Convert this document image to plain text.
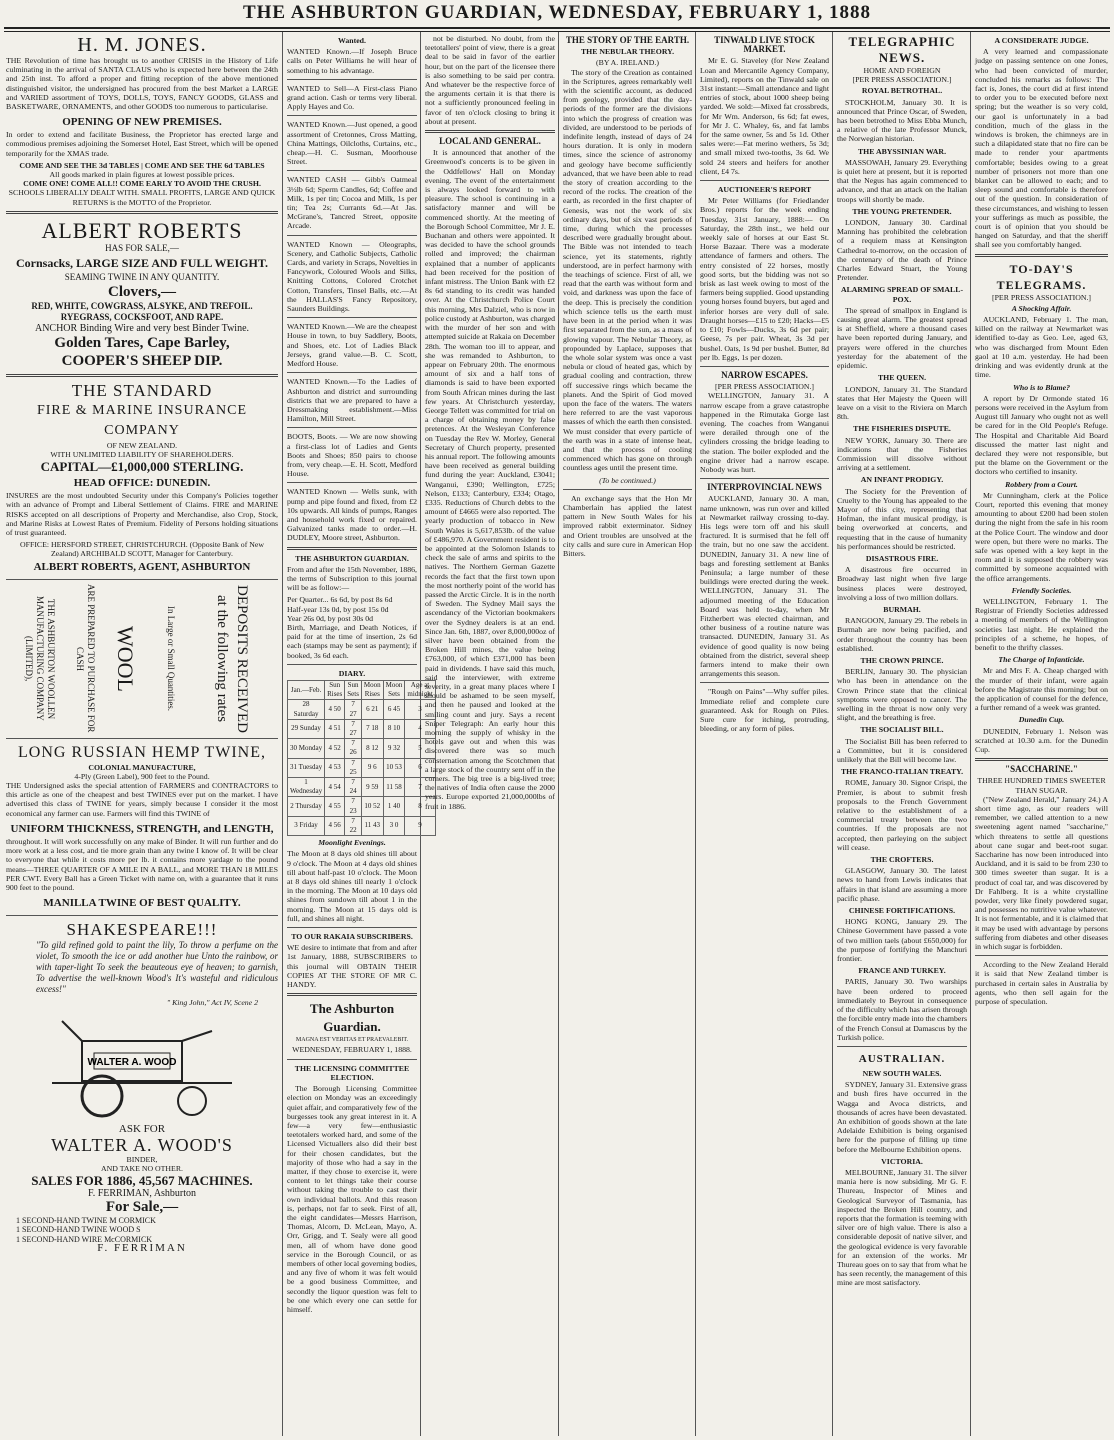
THE ASHBURTON GUARDIAN, WEDNESDAY, FEBRUARY 1, 1888
H. M. JONES.

THE Revolution of time has brought us to another CRISIS in the History of Life culminating in the arrival of SANTA CLAUS who is expected here between the 24th and 25th inst. To afford a proper and fitting reception of the above mentioned distinguished visitor, the undersigned has procured from the best Market a LARGE and VARIED assortment of TOYS, DOLLS, TOYS, FANCY GOODS, GLASS and BASKETWARE, ORNAMENTS, and other GOODS too numerous to particularise.

OPENING OF NEW PREMISES.

In order to extend and facilitate Business, the Proprietor has erected large and commodious premises adjoining the Somerset Hotel, East Street, which will be opened temporarily for the XMAS trade.

COME AND SEE THE 3d TABLES | COME AND SEE THE 6d TABLES
All goods marked in plain figures at lowest possible prices.
COME ONE! COME ALL!! COME EARLY TO AVOID THE CRUSH.
SCHOOLS LIBERALLY DEALT WITH. SMALL PROFITS, LARGE AND QUICK RETURNS is the MOTTO of the Proprietor.
ALBERT ROBERTS
HAS FOR SALE,—
Cornsacks, LARGE SIZE AND FULL WEIGHT.
SEAMING TWINE IN ANY QUANTITY.
Clovers,—
RED, WHITE, COWGRASS, ALSYKE, AND TREFOIL. RYEGRASS, COCKSFOOT, AND RAPE.
ANCHOR Binding Wire and very best Binder Twine.
Golden Tares, Cape Barley,
COOPER'S SHEEP DIP.
THE STANDARD
FIRE & MARINE INSURANCE COMPANY
OF NEW ZEALAND.
WITH UNLIMITED LIABILITY OF SHAREHOLDERS.
CAPITAL—£1,000,000 STERLING.
HEAD OFFICE: DUNEDIN.

INSURES are the most undoubted Security under this Company's Policies together with an advance of Prompt and Liberal Settlement of Claims. FIRE and MARINE RISKS accepted on all descriptions of Property and Merchandise, also Crop, Stock, and Marine Risks at Lowest Rates of Premium. Fidelity of Persons holding situations of trust guaranteed.

OFFICE: HERSFORD STREET, CHRISTCHURCH. (Opposite Bank of New Zealand) ARCHIBALD SCOTT, Manager for Canterbury.
ALBERT ROBERTS, AGENT, ASHBURTON
THE ASHBURTON WOOLLEN MANUFACTURING COMPANY (LIMITED),	ARE PREPARED TO PURCHASE FOR CASH	WOOL	In Large or Small Quantities.	DEPOSITS RECEIVED at the following rates
LONG RUSSIAN HEMP TWINE,
COLONIAL MANUFACTURE,
4-Ply (Green Label), 900 feet to the Pound.

THE Undersigned asks the special attention of FARMERS and CONTRACTORS to this article as one of the cheapest and best TWINES ever put on the market. I have advertised this class of TWINE for years, simply because I consider it the most economical any farmer can use. Farmers will find this TWINE of

UNIFORM THICKNESS, STRENGTH, and LENGTH,

throughout. It will work successfully on any make of Binder. It will run further and do more work at a less cost, and tie more grain than any twine I know of. It will be clear to everyone that while it costs more per lb. it contains more yardage to the pound means—THREE QUARTER OF A MILE IN A BALL, and MORE THAN 18 MILES PER CWT. Every Ball has a Green Ticket with name on, with a guarantee that it runs 900 feet to the pound.

MANILLA TWINE OF BEST QUALITY.
SHAKESPEARE!!!

"To gild refined gold to paint the lily, To throw a perfume on the violet, To smooth the ice or add another hue Unto the rainbow, or with taper-light To seek the beauteous eye of heaven; to garnish, To advertise the well-known Wood's It's wasteful and ridiculous excess!"

" King John," Act IV, Scene 2
WALTER A. WOOD
ASK FOR
WALTER A. WOOD'S
BINDER,
AND TAKE NO OTHER.
SALES FOR 1886, 45,567 MACHINES.
F. FERRIMAN, Ashburton
For Sale,—
1 SECOND-HAND TWINE M CORMICK
1 SECOND-HAND TWINE WOOD S
1 SECOND-HAND WIRE McCORMICK
F. FERRIMAN
Wanted.

WANTED Known.—If Joseph Bruce calls on Peter Williams he will hear of something to his advantage.

WANTED to Sell—A First-class Piano grand action. Cash or terms very liberal. Apply Hayes and Co.

WANTED Known.—Just opened, a good assortment of Cretonnes, Cross Matting, China Mattings, Oilcloths, Curtains, etc., cheap.—H. C. Susman, Moorhouse Street.

WANTED CASH — Gibb's Oatmeal 3½lb 6d; Sperm Candles, 6d; Coffee and Milk, 1s per tin; Cocoa and Milk, 1s per tin; Tea 2s; Currants 6d.—At Jas. McGrane's, Tancred Street, opposite Arcade.

WANTED Known — Oleographs, Scenery, and Catholic Subjects, Catholic Cards, and variety in Scraps, Novelties in Fancywork, Coloured Wools and Silks, Knitting Cottons, Colored Crotchet Cotton, Transfers, Tinsel Balls, etc.—At the HALLAS'S Fancy Repository, Saunders Buildings.

WANTED Known.—We are the cheapest House in town, to buy Saddlery, Boots, and Shoes, etc. Lot of Ladies Black Jerseys, grand value.—B. C. Scott, Medford House.

WANTED Known.—To the Ladies of Ashburton and district and surrounding districts that we are prepared to have a Dressmaking establishment.—Miss Hamilton, Mill Street.

BOOTS, Boots. — We are now showing a first-class lot of Ladies and Gents Boots and Shoes; 850 pairs to choose from, very cheap.—E. H. Scott, Medford House.

WANTED Known — Wells sunk, with pump and pipe found and fixed, from £2 10s upwards. All kinds of pumps, Ranges and household work fixed or repaired. Galvanized tanks made to order.—H. DUDLEY, Moore street, Ashburton.

THE ASHBURTON GUARDIAN.

From and after the 15th November, 1886, the terms of Subscription to this journal will be as follow:—

Per Quarter... 6s 6d, by post 8s 6d
Half-year 13s 0d, by post 15s 0d
Year 26s 0d, by post 30s 0d

Birth, Marriage, and Death Notices, if paid for at the time of insertion, 2s 6d each (stamps may be sent as payment); if booked, 3s 6d each.

DIARY.
Jan.—Feb.	Sun Rises	Sun Sets	Moon Rises	Moon Sets	Age at midnight
28 Saturday	4 50	7 27	6 21	6 45	3
29 Sunday	4 51	7 27	7 18	8 10	4
30 Monday	4 52	7 26	8 12	9 32	5
31 Tuesday	4 53	7 25	9 6	10 53	6
1 Wednesday	4 54	7 24	9 59	11 58	7
2 Thursday	4 55	7 23	10 52	1 40	8
3 Friday	4 56	7 22	11 43	3 0	9
Moonlight Evenings.

The Moon at 8 days old shines till about 9 o'clock. The Moon at 4 days old shines till about half-past 10 o'clock. The Moon at 8 days old shines till nearly 1 o'clock in the morning. The Moon at 10 days old shines from sundown till about 1 in the morning. The Moon at 15 days old is full, and shines all night.

TO OUR RAKAIA SUBSCRIBERS.

WE desire to intimate that from and after 1st January, 1888, SUBSCRIBERS to this journal will OBTAIN THEIR COPIES AT THE STORE OF MR C. HANDY.

The Ashburton Guardian.
MAGNA EST VERITAS ET PRAEVALEBIT.
WEDNESDAY, FEBRUARY 1, 1888.
THE LICENSING COMMITTEE ELECTION.

The Borough Licensing Committee election on Monday was an exceedingly quiet affair, and comparatively few of the burgesses took any great interest in it. A few—a very few—enthusiastic teetotalers worked hard, and some of the Licensed Victuallers also did their best for their chosen candidates, but the majority of those who had a say in the matter, if they chose to exercise it, were content to let things take their course without taking the trouble to cast their own individual ballots. And this reason is, perhaps, not far to seek. First of all, the eight candidates—Messrs Harrison, Thomas, Alcorn, D. McLean, Mayo, A. Orr, Grigg, and T. Sealy were all good men, all of whom have done good service in the Borough Council, or as members of other local governing bodies, and any five of whom it was felt would be a good business Committee, and secondly the liquor question was felt to be one which every one can settle for himself.

not be disturbed. No doubt, from the teetotallers' point of view, there is a great deal to be said in favor of the earlier hour, but on the part of the licensee there is also something to be said per contra. And whatever be the respective force of the arguments certain it is that there is not a sufficiently pronounced feeling in favor of ten o'clock closing to bring it about at present.

LOCAL AND GENERAL.

It is announced that another of the Greenwood's concerts is to be given in the Oddfellows' Hall on Monday evening. The event of the entertainment is always looked forward to with pleasure. The school is continuing in a satisfactory manner and will be commenced shortly. At the meeting of the Borough School Committee, Mr J. E. Buchanan and others were appointed. It was decided to have the school grounds rolled and improved; the chairman explained that a number of applicants had been received for the position of infant mistress. The Union Bank with £2 8s 6d standing to its credit was handed over. At the Christchurch Police Court this morning, Mrs Dalziel, who is now in police custody at Ashburton, was charged with the murder of her son and with attempted suicide at Rakaia on December 28th. The woman too ill to appear, and she was remanded to Ashburton, to appear on February 20th. The enormous amount of six and a half tons of diamonds is said to have been exported from South African mines during the last few years. At Christchurch yesterday, George Tellett was committed for trial on a charge of obtaining money by false pretences. At the Wesleyan Conference on Tuesday the Rev W. Morley, General Secretary of Church property, presented his annual report. The following amounts have been received as general building fund during the year: Auckland, £3041; Wanganui, £390; Wellington, £725; Nelson, £133; Canterbury, £334; Otago, £335. Reductions of Church debts to the amount of £4665 were also reported. The yearly production of tobacco in New South Wales is 5,617,853lb. of the value of £486,970. A Government resident is to be appointed at the Solomon Islands to check the sale of arms and spirits to the natives. The Northern German Gazette records the fact that the first town upon the most northerly point of the world has passed the Arctic Circle. It is in the north of Sweden. The Sydney Mail says the ascendancy of the Victorian bookmakers over the Sydney dealers is at an end. Since Jan. 6th, 1887, over 8,000,000oz of silver have been obtained from the Broken Hill mines, the value being £763,000, of which £371,000 has been paid in dividends. I have said this much, said the interviewer, with extreme severity, in a great many places where I should be ashamed to be seen myself, and then he paused and looked at the smiling count and jury. Says a recent Sniper Telegraph: An early hour this morning the supply of whisky in the hotels gave out and when this was discovered there was so much consternation among the Scotchmen that a large stock of the country sent off in the corners. The big tree is a big-lived tree; the natives of India often cause the 2000 years. Europe exported 21,000,000lbs of fruit in 1886.

THE STORY OF THE EARTH.
THE NEBULAR THEORY.
(BY A. IRELAND.)

The story of the Creation as contained in the Scriptures, agrees remarkably well with the scientific account, as deduced from geology, provided that the day-periods of the former are the divisions into which the progress of creation was divided, are understood to be periods of indefinite length, instead of days of 24 hours duration. It is only in modern times, since the science of astronomy and geology have become sufficiently advanced, that we have been able to read the story of creation according to the record of the rocks. The creation of the earth, as recorded in the first chapter of Genesis, was not the work of six ordinary days, but of six vast periods of time, during which the processes described were gradually brought about. The Bible was not intended to teach science, yet its statements, rightly understood, are in perfect harmony with the teachings of science. First of all, we read that the earth was without form and void, and darkness was upon the face of the deep. This is precisely the condition which science tells us the earth must have been in at the period when it was first separated from the sun, as a mass of glowing vapour. The Nebular Theory, as propounded by Laplace, supposes that the whole solar system was once a vast nebula or cloud of heated gas, which by gradual cooling and contraction, threw off successive rings which became the planets. And the Spirit of God moved upon the face of the waters. The waters here referred to are the vast vaporous masses of which the earth then consisted. We must consider that every particle of the earth was in a state of intense heat, and that the process of cooling commenced which has gone on through countless ages until the present time.

(To be continued.)

An exchange says that the Hon Mr Chamberlain has applied the latest pattern in New South Wales for his improved rabbit exterminator. Sidney and Orient troubles are unsolved at the city calls and sure cure in American Hop Bitters.

TINWALD LIVE STOCK MARKET.

Mr E. G. Staveley (for New Zealand Loan and Mercantile Agency Company, Limited), reports on the Tinwald sale on 31st instant:—Small attendance and light entries of stock, about 1000 sheep being yarded. We sold:—Mixed fat crossbreds, for Mr Wm. Anderson, 6s 6d; fat ewes, for Mr J. C. Whaley, 6s, and fat lambs for the same owner, 5s and 5s 1d. Other sales were:—Fat merino wethers, 5s 3d; and small mixed two-tooths, 3s 6d. We sold 24 steers and heifers for another client, £4 7s.

AUCTIONEER'S REPORT

Mr Peter Williams (for Friedlander Bros.) reports for the week ending Tuesday, 31st January, 1888:— On Saturday, the 28th inst., we held our weekly sale of horses at our East St. Horse Bazaar. There was a moderate attendance of farmers and others. The entry consisted of 22 horses, mostly good sorts, but the bidding was not so brisk as last week owing to most of the farmers being supplied. Good upstanding young horses found buyers, but aged and inferior horses are very dull of sale. Draught horses—£15 to £20; Hacks—£5 to £10; Fowls—Ducks, 3s 6d per pair; Geese, 7s per pair. Wheat, 3s 3d per bushel. Oats, 1s 9d per bushel. Butter, 8d per lb. Eggs, 1s per dozen.

NARROW ESCAPES.
[PER PRESS ASSOCIATION.]

WELLINGTON, January 31. A narrow escape from a grave catastrophe happened in the Rimutaka Gorge last evening. The coaches from Wanganui were derailed through one of the cylinders crossing the bridge leading to the station. The boiler exploded and the engine driver had a narrow escape. Nobody was hurt.

INTERPROVINCIAL NEWS

AUCKLAND, January 30. A man, name unknown, was run over and killed at Newmarket railway crossing to-day. His legs were torn off and his skull fractured. It is surmised that he fell off the train, but no one saw the accident. DUNEDIN, January 31. A new line of bags and foresting settlement at Banks Peninsula; a large number of these buildings were erected during the week. WELLINGTON, January 31. The adjourned meeting of the Education Board was held to-day, when Mr Fitzherbert was elected chairman, and other business of a routine nature was transacted. DUNEDIN, January 31. As evidence of good quality is now being obtained from the district, several sheep farmers intend to make their own arrangements this season.

"Rough on Pains"—Why suffer piles. Immediate relief and complete cure guaranteed. Ask for Rough on Piles. Sure cure for itching, protruding, bleeding, or any form of piles.

TELEGRAPHIC NEWS.
HOME AND FOREIGN
[PER PRESS ASSOCIATION.]
ROYAL BETROTHAL.

STOCKHOLM, January 30. It is announced that Prince Oscar, of Sweden, has been betrothed to Miss Ebba Munch, a relative of the late Professor Munck, the Norwegian historian.

THE ABYSSINIAN WAR.

MASSOWAH, January 29. Everything is quiet here at present, but it is reported that the Negus has again commenced to advance, and that an attack on the Italian troops will shortly be made.

THE YOUNG PRETENDER.

LONDON, January 30. Cardinal Manning has prohibited the celebration of a requiem mass at Kensington Cathedral to-morrow, on the occasion of the centenary of the death of Prince Charles Edward Stuart, the Young Pretender.

ALARMING SPREAD OF SMALL-POX.

The spread of smallpox in England is causing great alarm. The greatest spread is at Sheffield, where a thousand cases have been reported during January, and prayers were offered in the churches yesterday for the abatement of the epidemic.

THE QUEEN.

LONDON, January 31. The Standard states that Her Majesty the Queen will leave on a visit to the Riviera on March 8th.

THE FISHERIES DISPUTE.

NEW YORK, January 30. There are indications that the Fisheries Commission will dissolve without arriving at a settlement.

AN INFANT PRODIGY.

The Society for the Prevention of Cruelty to the Young has appealed to the Mayor of this city, representing that Hofman, the infant musical prodigy, is being overworked at concerts, and requesting that in the cause of humanity his performances should be restricted.

DISASTROUS FIRE.

A disastrous fire occurred in Broadway last night when five large business places were destroyed, involving a loss of two million dollars.

BURMAH.

RANGOON, January 29. The rebels in Burmah are now being pacified, and order throughout the country has been established.

THE CROWN PRINCE.

BERLIN, January 30. The physician who has been in attendance on the Crown Prince state that the clinical symptoms were opposed to cancer. The swelling in the throat is now only very slight, and the breathing is free.

THE SOCIALIST BILL.

The Socialist Bill has been referred to a Committee, but it is considered unlikely that the Bill will become law.

THE FRANCO-ITALIAN TREATY.

ROME, January 30. Signor Crispi, the Premier, is about to submit fresh proposals to the French Government relative to the establishment of a commercial treaty between the two countries. If the proposals are not accepted, then parleying on the subject will cease.

THE CROFTERS.

GLASGOW, January 30. The latest news to hand from Lewis indicates that affairs in that island are assuming a more pacific phase.

CHINESE FORTIFICATIONS.

HONG KONG, January 29. The Chinese Government have passed a vote of two million taels (about £650,000) for the purpose of fortifying the Manchuri frontier.

FRANCE AND TURKEY.

PARIS, January 30. Two warships have been ordered to proceed immediately to Beyrout in consequence of the difficulty which has arisen through the forcible entry made into the chambers of the French Consul at Damascus by the Turkish police.

AUSTRALIAN.
NEW SOUTH WALES.

SYDNEY, January 31. Extensive grass and bush fires have occurred in the Wagga and Avoca districts, and thousands of acres have been devastated. An exhibition of goods shown at the late Adelaide Exhibition is being organised here for the purpose of filling up time before the Melbourne Exhibition opens.

VICTORIA.

MELBOURNE, January 31. The silver mania here is now subsiding. Mr G. F. Thureau, Inspector of Mines and Geological Surveyor of Tasmania, has inspected the Broken Hill country, and reports that the formation is teeming with silver ore of high value. There is also a considerable deposit of native silver, and the geological evidence is very favorable for an extension of the works. Mr Thureau goes on to say that from what he has seen recently, the management of this mine are most satisfactory.

A CONSIDERATE JUDGE.

A very learned and compassionate judge on passing sentence on one Jones, who had been convicted of murder, concluded his remarks as follows: The fact is, Jones, the court did at first intend to order you to be executed before next spring; but the weather is so very cold, our gaol is unfortunately in a bad condition, much of the glass in the windows is broken, the chimneys are in such a dilapidated state that no fire can be made to render your apartments comfortable; besides owing to a great number of prisoners not more than one blanket can be allowed to each; and to sleep sound and comfortable is therefore out of the question. In consideration of these circumstances, and wishing to lessen your sufferings as much as possible, the court is of opinion that you should be hanged on Saturday, and that the sheriff shall see you comfortably hanged.

TO-DAY'S TELEGRAMS.
[PER PRESS ASSOCIATION.]
A Shocking Affair.

AUCKLAND, February 1. The man, killed on the railway at Newmarket was identified to-day as Geo. Lee, aged 63, who was discharged from Mount Eden gaol at 10 a.m. yesterday. He had been drinking and was evidently drunk at the time.

Who is to Blame?

A report by Dr Ormonde stated 16 persons were received in the Asylum from August till January who ought not as well be cared for in the Old People's Refuge. The Hospital and Charitable Aid Board discussed the matter last night and declared they were not responsible, but put the blame on the Government or the doctors who certified to insanity.

Robbery from a Court.

Mr Cunningham, clerk at the Police Court, reported this evening that money amounting to about £200 had been stolen during the night from the safe in his room at the Police Court. The window and door were open, but there were no marks. The safe was opened with a key kept in the room and it is supposed the robbery was committed by someone acquainted with the office arrangements.

Friendly Societies.

WELLINGTON, February 1. The Registrar of Friendly Societies addressed a meeting of members of the Wellington societies last night. He explained the principles of a scheme, he hopes, of benefit to the thrifty classes.

The Charge of Infanticide.

Mr and Mrs F. A. Cheap charged with the murder of their infant, were again before the Magistrate this morning; but on the application of counsel for the defence, a further remand of a week was granted.

Dunedin Cup.

DUNEDIN, February 1. Nelson was scratched at 10.30 a.m. for the Dunedin Cup.

"SACCHARINE."
THREE HUNDRED TIMES SWEETER THAN SUGAR.

("New Zealand Herald," January 24.) A short time ago, as our readers will remember, we called attention to a new sweetening agent named "saccharine," which threatens to settle all questions about cane sugar and beet-root sugar. Saccharine has now been introduced into Auckland, and it is said to be from 230 to 300 times sweeter than sugar. It is a product of coal tar, and was discovered by Dr Fahlberg. It is a white crystalline powder, very like finely powdered sugar, and possesses no nutritive value whatever. It is not fermentable, and it is claimed that it may be used with advantage by persons suffering from diabetes and other diseases in which sugar is forbidden.

According to the New Zealand Herald it is said that New Zealand timber is purchased in certain sales in Australia by agents, who then sell again for the purpose of speculation.
